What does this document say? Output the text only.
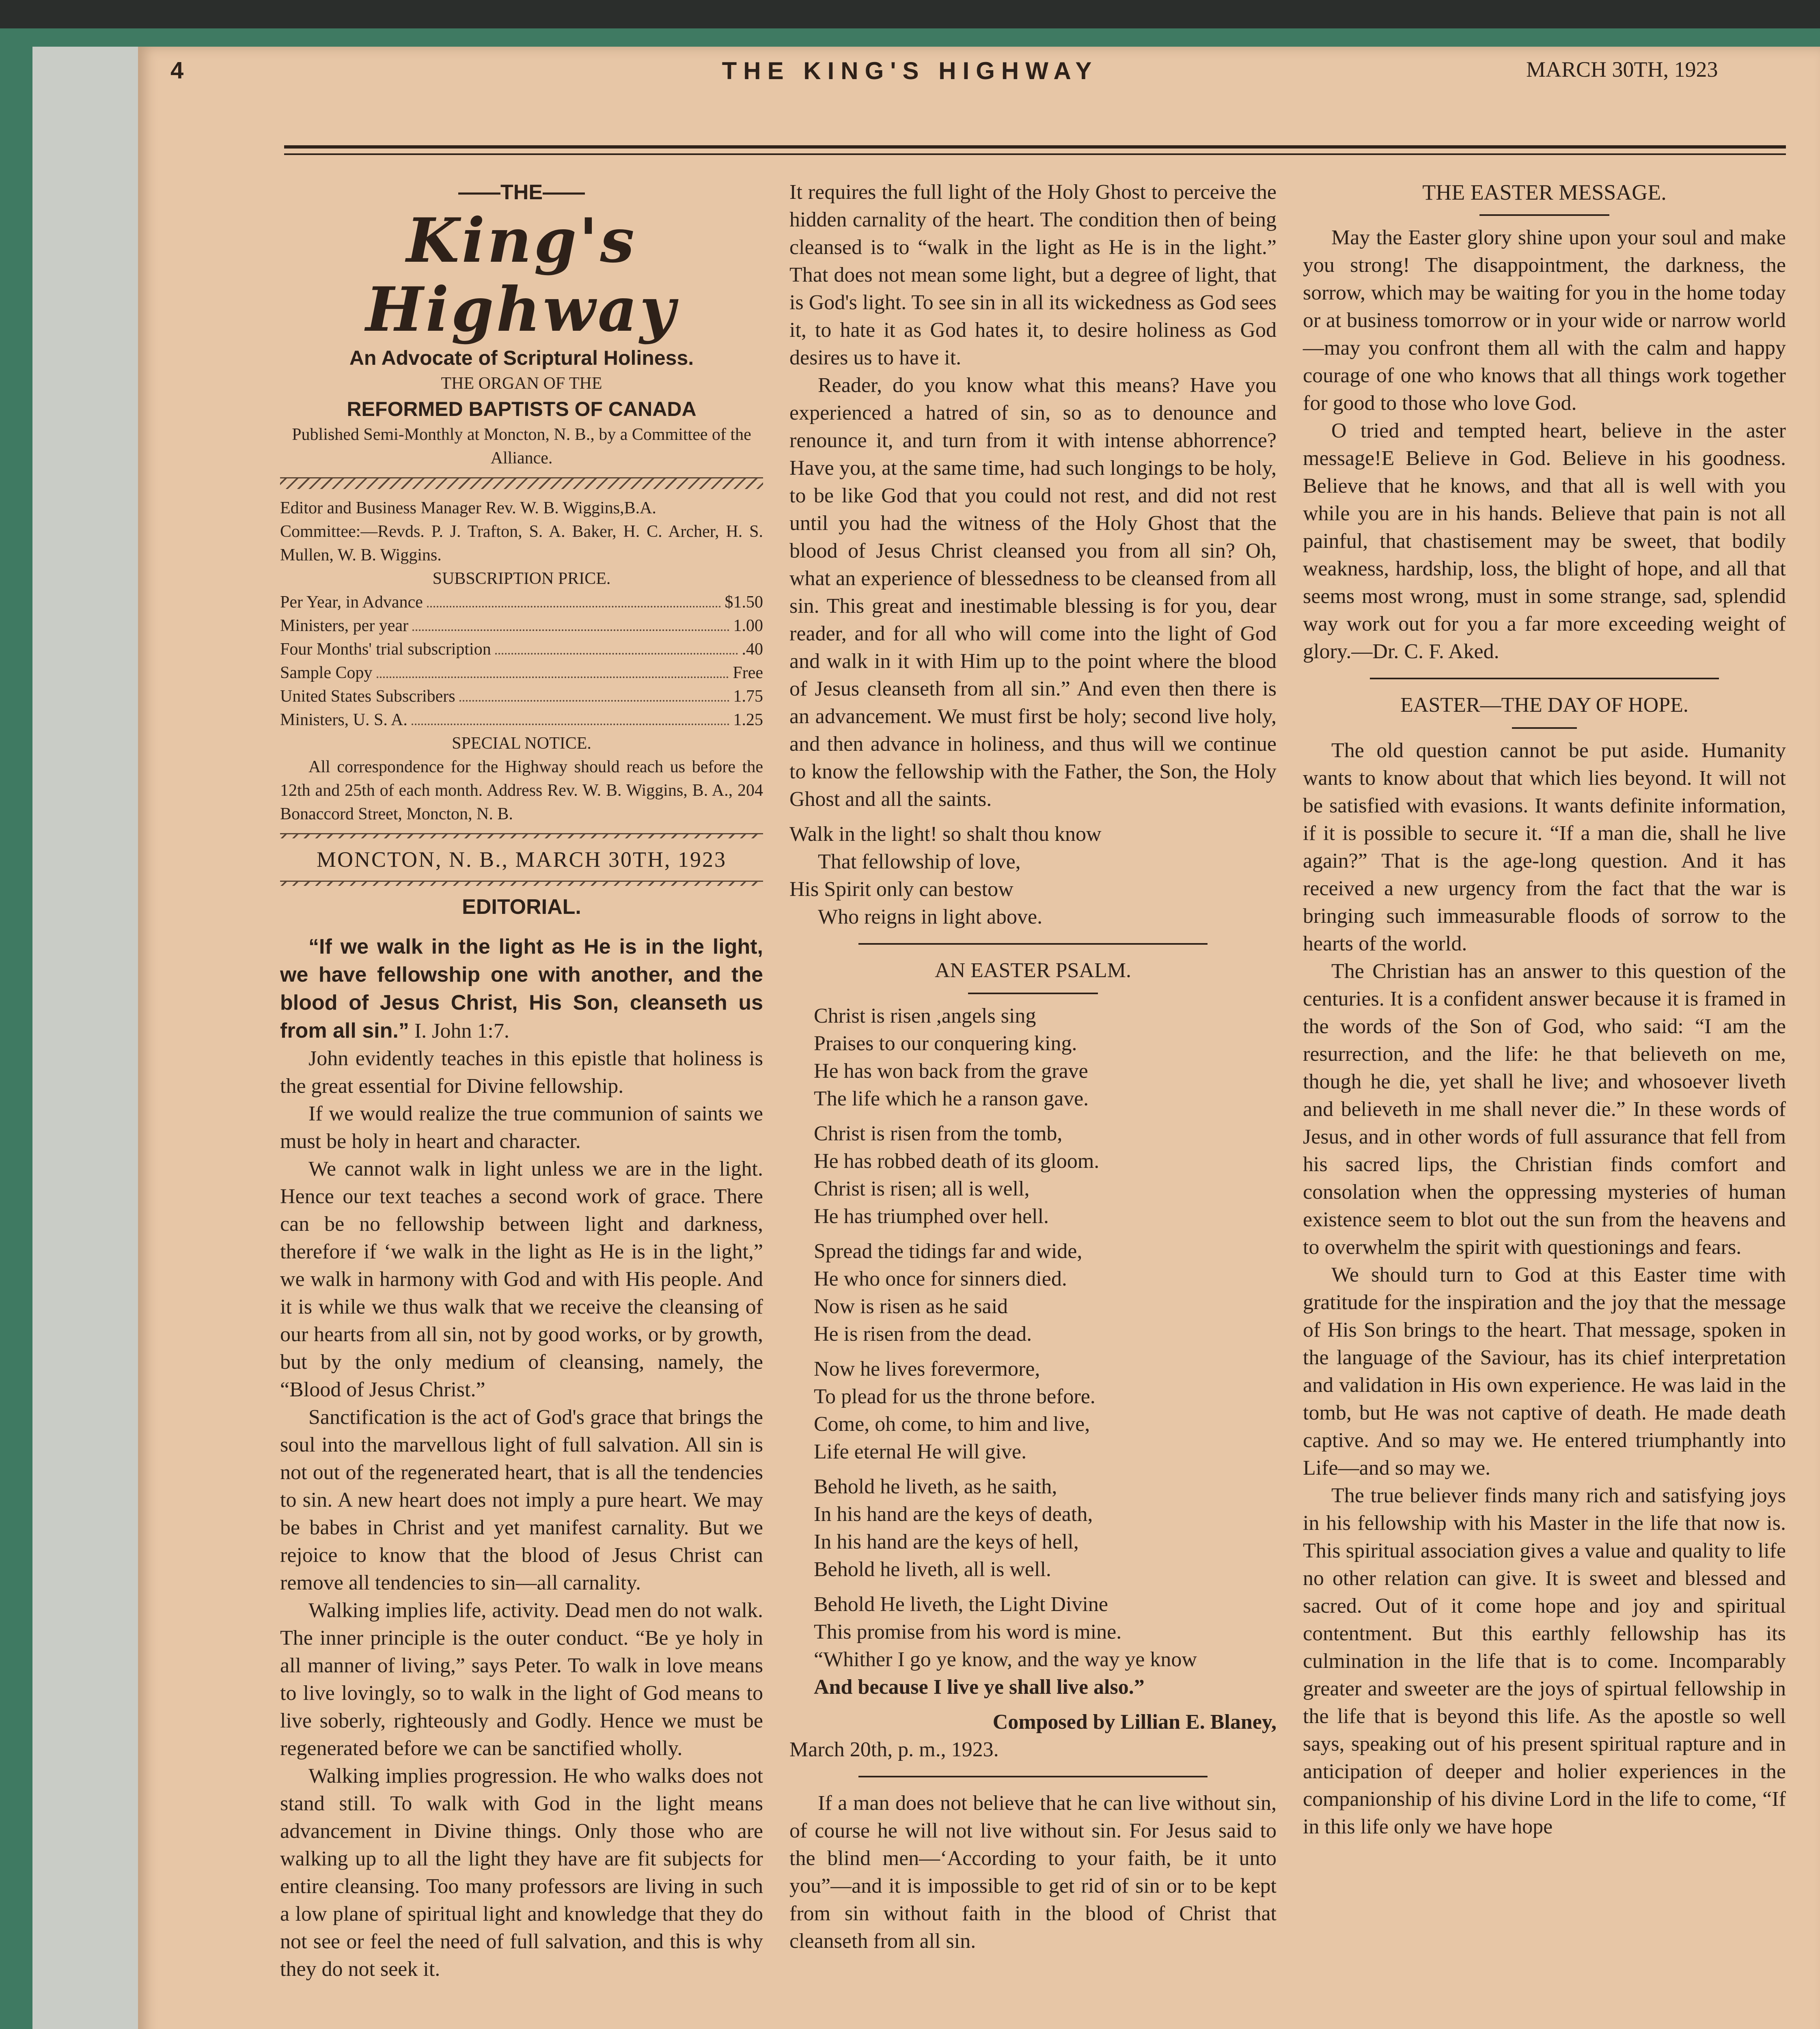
4	THE KING'S HIGHWAY	MARCH 30TH, 1923
——THE——
King's Highway
An Advocate of Scriptural Holiness.
THE ORGAN OF THE
REFORMED BAPTISTS OF CANADA
Published Semi-Monthly at Moncton, N. B., by a Committee of the Alliance.
Editor and Business Manager Rev. W. B. Wiggins,B.A.
Committee:—Revds. P. J. Trafton, S. A. Baker, H. C. Archer, H. S. Mullen, W. B. Wiggins.
SUBSCRIPTION PRICE.
Per Year, in Advance	$1.50
Ministers, per year	1.00
Four Months' trial subscription	.40
Sample Copy	Free
United States Subscribers	1.75
Ministers, U. S. A.	1.25
SPECIAL NOTICE.

All correspondence for the Highway should reach us before the 12th and 25th of each month. Address Rev. W. B. Wiggins, B. A., 204 Bonaccord Street, Moncton, N. B.

MONCTON, N. B., MARCH 30TH, 1923
EDITORIAL.

“If we walk in the light as He is in the light, we have fellowship one with another, and the blood of Jesus Christ, His Son, cleanseth us from all sin.” I. John 1:7.

John evidently teaches in this epistle that holiness is the great essential for Divine fellowship.

If we would realize the true communion of saints we must be holy in heart and character.

We cannot walk in light unless we are in the light. Hence our text teaches a second work of grace. There can be no fellowship between light and darkness, therefore if ‘we walk in the light as He is in the light,” we walk in harmony with God and with His people. And it is while we thus walk that we receive the cleansing of our hearts from all sin, not by good works, or by growth, but by the only medium of cleansing, namely, the “Blood of Jesus Christ.”

Sanctification is the act of God's grace that brings the soul into the marvellous light of full salvation. All sin is not out of the regenerated heart, that is all the tendencies to sin. A new heart does not imply a pure heart. We may be babes in Christ and yet manifest carnality. But we rejoice to know that the blood of Jesus Christ can remove all tendencies to sin—all carnality.

Walking implies life, activity. Dead men do not walk. The inner principle is the outer conduct. “Be ye holy in all manner of living,” says Peter. To walk in love means to live lovingly, so to walk in the light of God means to live soberly, righteously and Godly. Hence we must be regenerated before we can be sanctified wholly.

Walking implies progression. He who walks does not stand still. To walk with God in the light means advancement in Divine things. Only those who are walking up to all the light they have are fit subjects for entire cleansing. Too many professors are living in such a low plane of spiritual light and knowledge that they do not see or feel the need of full salvation, and this is why they do not seek it.

It requires the full light of the Holy Ghost to perceive the hidden carnality of the heart. The condition then of being cleansed is to “walk in the light as He is in the light.” That does not mean some light, but a degree of light, that is God's light. To see sin in all its wickedness as God sees it, to hate it as God hates it, to desire holiness as God desires us to have it.

Reader, do you know what this means? Have you experienced a hatred of sin, so as to denounce and renounce it, and turn from it with intense abhorrence? Have you, at the same time, had such longings to be holy, to be like God that you could not rest, and did not rest until you had the witness of the Holy Ghost that the blood of Jesus Christ cleansed you from all sin? Oh, what an experience of blessedness to be cleansed from all sin. This great and inestimable blessing is for you, dear reader, and for all who will come into the light of God and walk in it with Him up to the point where the blood of Jesus cleanseth from all sin.” And even then there is an advancement. We must first be holy; second live holy, and then advance in holiness, and thus will we continue to know the fellowship with the Father, the Son, the Holy Ghost and all the saints.

Walk in the light! so shalt thou know
That fellowship of love,
His Spirit only can bestow
Who reigns in light above.
AN EASTER PSALM.
Christ is risen ,angels sing
Praises to our conquering king.
He has won back from the grave
The life which he a ranson gave.
Christ is risen from the tomb,
He has robbed death of its gloom.
Christ is risen; all is well,
He has triumphed over hell.
Spread the tidings far and wide,
He who once for sinners died.
Now is risen as he said
He is risen from the dead.
Now he lives forevermore,
To plead for us the throne before.
Come, oh come, to him and live,
Life eternal He will give.
Behold he liveth, as he saith,
In his hand are the keys of death,
In his hand are the keys of hell,
Behold he liveth, all is well.
Behold He liveth, the Light Divine
This promise from his word is mine.
“Whither I go ye know, and the way ye know
And because I live ye shall live also.”
Composed by Lillian E. Blaney,
March 20th, p. m., 1923.

If a man does not believe that he can live without sin, of course he will not live without sin. For Jesus said to the blind men—‘According to your faith, be it unto you”—and it is impossible to get rid of sin or to be kept from sin without faith in the blood of Christ that cleanseth from all sin.

THE EASTER MESSAGE.

May the Easter glory shine upon your soul and make you strong! The disappointment, the darkness, the sorrow, which may be waiting for you in the home today or at business tomorrow or in your wide or narrow world—may you confront them all with the calm and happy courage of one who knows that all things work together for good to those who love God.

O tried and tempted heart, believe in the aster message!E Believe in God. Believe in his goodness. Believe that he knows, and that all is well with you while you are in his hands. Believe that pain is not all painful, that chastisement may be sweet, that bodily weakness, hardship, loss, the blight of hope, and all that seems most wrong, must in some strange, sad, splendid way work out for you a far more exceeding weight of glory.—Dr. C. F. Aked.

EASTER—THE DAY OF HOPE.

The old question cannot be put aside. Humanity wants to know about that which lies beyond. It will not be satisfied with evasions. It wants definite information, if it is possible to secure it. “If a man die, shall he live again?” That is the age-long question. And it has received a new urgency from the fact that the war is bringing such immeasurable floods of sorrow to the hearts of the world.

The Christian has an answer to this question of the centuries. It is a confident answer because it is framed in the words of the Son of God, who said: “I am the resurrection, and the life: he that believeth on me, though he die, yet shall he live; and whosoever liveth and believeth in me shall never die.” In these words of Jesus, and in other words of full assurance that fell from his sacred lips, the Christian finds comfort and consolation when the oppressing mysteries of human existence seem to blot out the sun from the heavens and to overwhelm the spirit with questionings and fears.

We should turn to God at this Easter time with gratitude for the inspiration and the joy that the message of His Son brings to the heart. That message, spoken in the language of the Saviour, has its chief interpretation and validation in His own experience. He was laid in the tomb, but He was not captive of death. He made death captive. And so may we. He entered triumphantly into Life—and so may we.

The true believer finds many rich and satisfying joys in his fellowship with his Master in the life that now is. This spiritual association gives a value and quality to life no other relation can give. It is sweet and blessed and sacred. Out of it come hope and joy and spiritual contentment. But this earthly fellowship has its culmination in the life that is to come. Incomparably greater and sweeter are the joys of spirtual fellowship in the life that is beyond this life. As the apostle so well says, speaking out of his present spiritual rapture and in anticipation of deeper and holier experiences in the companionship of his divine Lord in the life to come, “If in this life only we have hope
